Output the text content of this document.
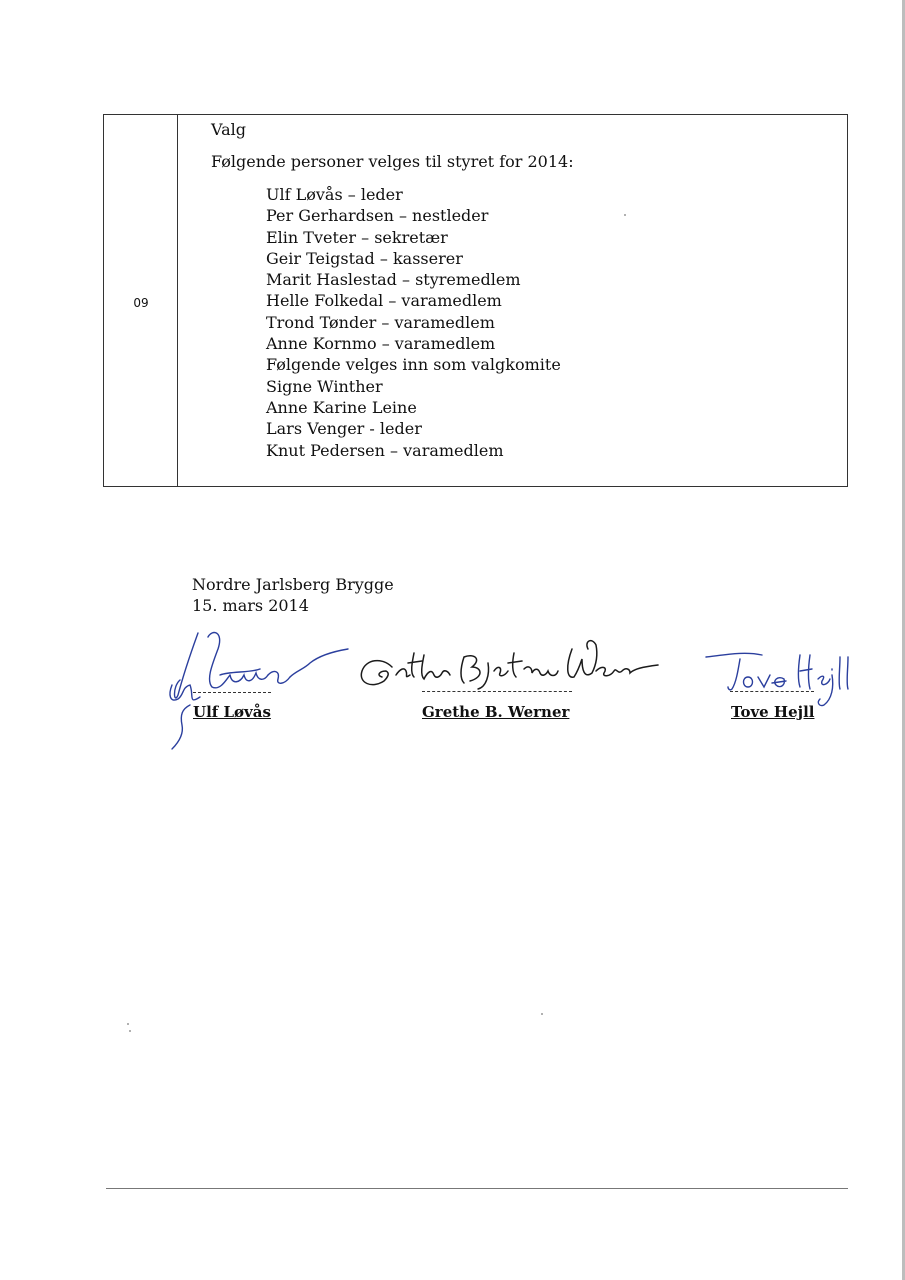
09
Valg
Følgende personer velges til styret for 2014:
Ulf Løvås – leder
Per Gerhardsen – nestleder
Elin Tveter – sekretær
Geir Teigstad – kasserer
Marit Haslestad – styremedlem
Helle Folkedal – varamedlem
Trond Tønder – varamedlem
Anne Kornmo – varamedlem
Følgende velges inn som valgkomite
Signe Winther
Anne Karine Leine
Lars Venger - leder
Knut Pedersen – varamedlem
Nordre Jarlsberg Brygge
15. mars 2014
Ulf Løvås	Grethe B. Werner	Tove Hejll
